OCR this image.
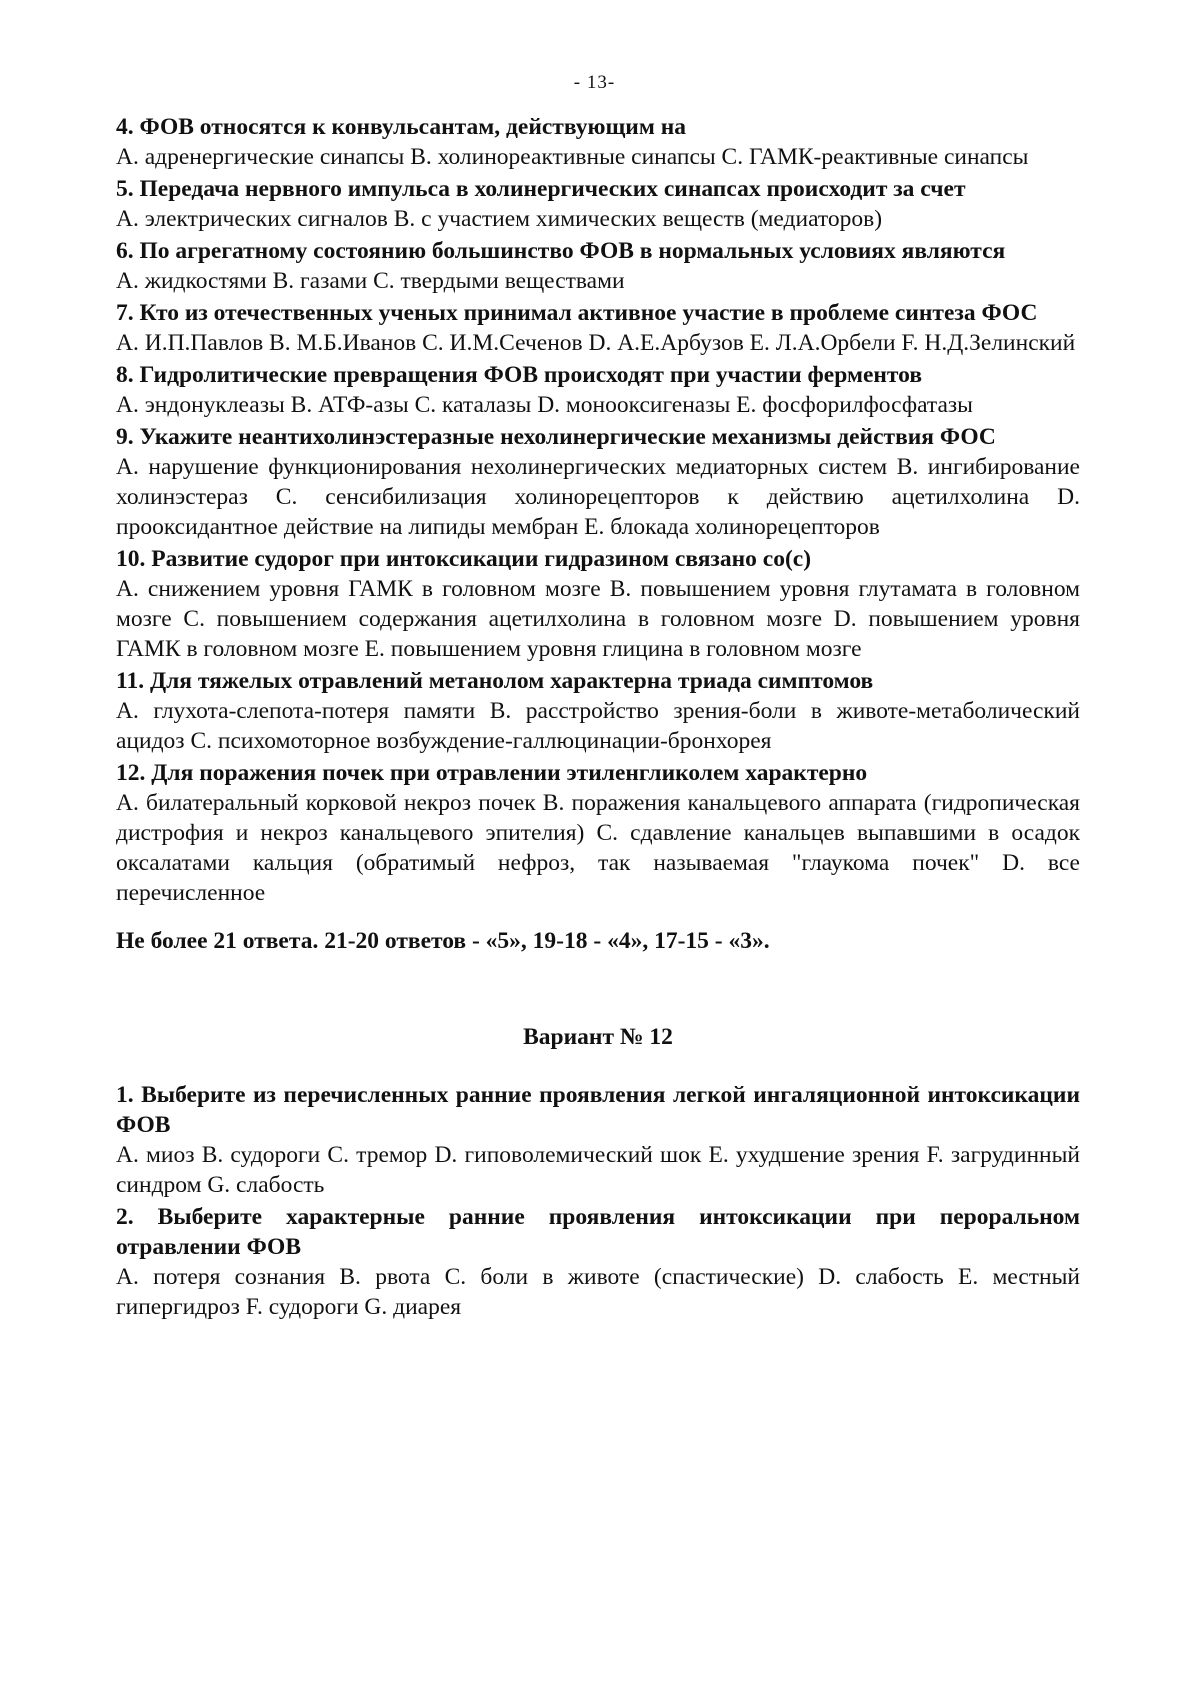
- 13-

4. ФОВ относятся к конвульсантам, действующим на

A. адренергические синапсы B. холинореактивные синапсы C. ГАМК-реактивные синапсы

5. Передача нервного импульса в холинергических синапсах происходит за счет

A. электрических сигналов B. с участием химических веществ (медиаторов)

6. По агрегатному состоянию большинство ФОВ в нормальных условиях являются

A. жидкостями B. газами C. твердыми веществами

7. Кто из отечественных ученых принимал активное участие в проблеме синтеза ФОС

A. И.П.Павлов B. М.Б.Иванов C. И.М.Сеченов D. А.Е.Арбузов E. Л.А.Орбели F. Н.Д.Зелинский

8. Гидролитические превращения ФОВ происходят при участии ферментов

A. эндонуклеазы B. АТФ-азы C. каталазы D. монооксигеназы E. фосфорилфосфатазы

9. Укажите неантихолинэстеразные нехолинергические механизмы действия ФОС

A. нарушение функционирования нехолинергических медиаторных систем B. ингибирование холинэстераз C. сенсибилизация холинорецепторов к действию ацетилхолина D. прооксидантное действие на липиды мембран E. блокада холинорецепторов

10. Развитие судорог при интоксикации гидразином связано со(с)

A. снижением уровня ГАМК в головном мозге B. повышением уровня глутамата в головном мозге C. повышением содержания ацетилхолина в головном мозге D. повышением уровня ГАМК в головном мозге E. повышением уровня глицина в головном мозге

11. Для тяжелых отравлений метанолом характерна триада симптомов

A. глухота-слепота-потеря памяти B. расстройство зрения-боли в животе-метаболический ацидоз C. психомоторное возбуждение-галлюцинации-бронхорея

12. Для поражения почек при отравлении этиленгликолем характерно

A. билатеральный корковой некроз почек B. поражения канальцевого аппарата (гидропическая дистрофия и некроз канальцевого эпителия) C. сдавление канальцев выпавшими в осадок оксалатами кальция (обратимый нефроз, так называемая "глаукома почек" D. все перечисленное

Не более 21 ответа. 21-20 ответов - «5», 19-18 - «4», 17-15 - «3».

Вариант № 12

1. Выберите из перечисленных ранние проявления легкой ингаляционной интоксикации ФОВ

A. миоз B. судороги C. тремор D. гиповолемический шок E. ухудшение зрения F. загрудинный синдром G. слабость

2. Выберите характерные ранние проявления интоксикации при пероральном отравлении ФОВ

A. потеря сознания B. рвота C. боли в животе (спастические) D. слабость E. местный гипергидроз F. судороги G. диарея
